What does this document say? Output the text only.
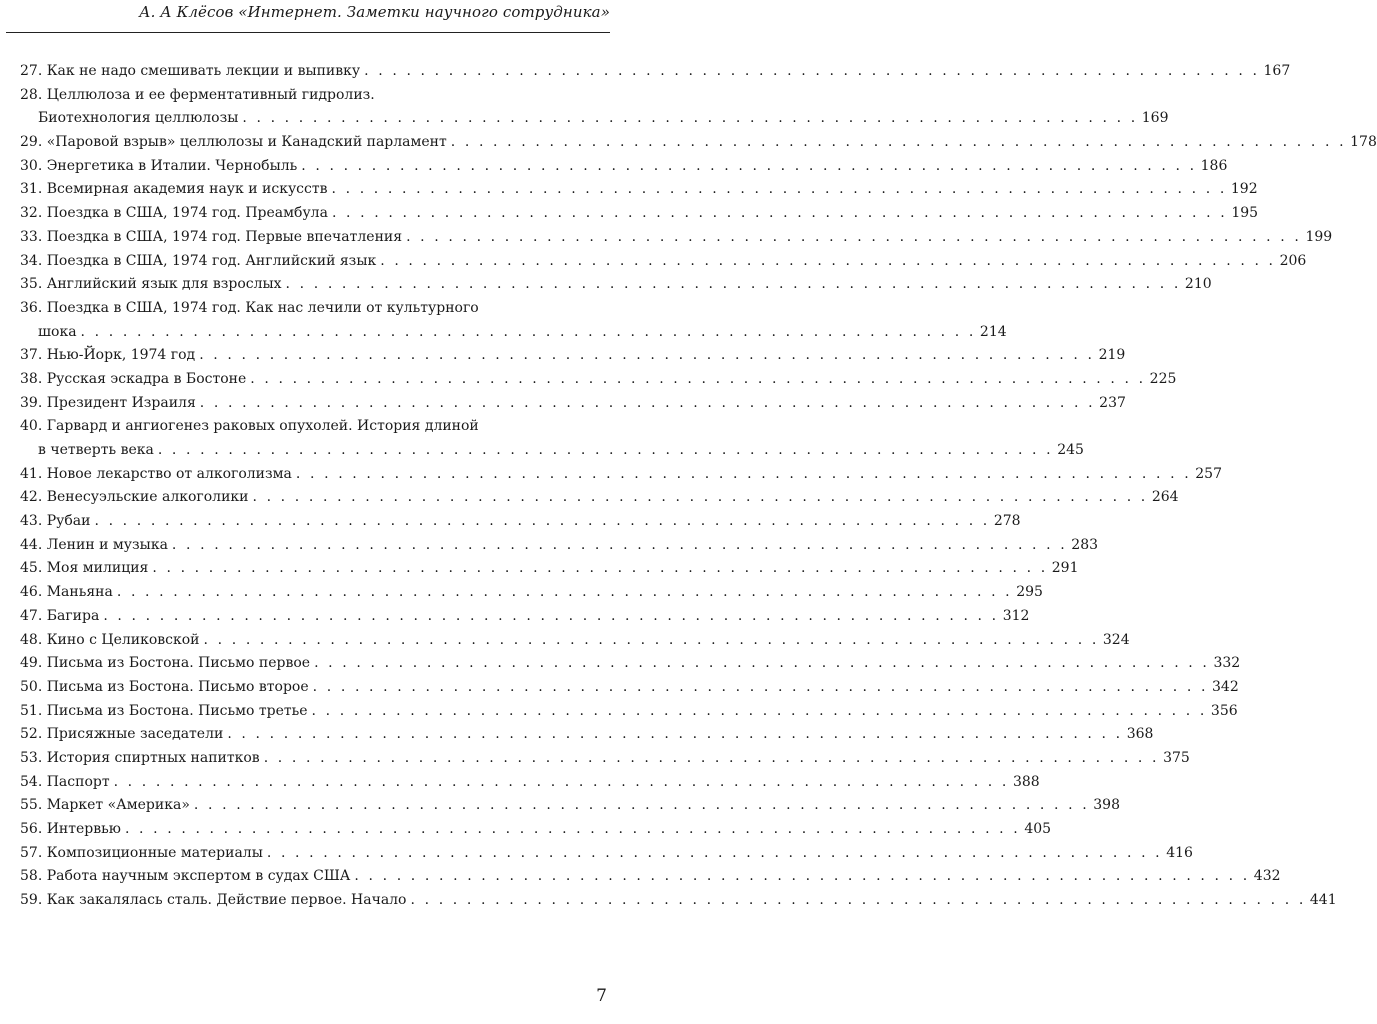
А. А Клёсов «Интернет. Заметки научного сотрудника»
27. Как не надо смешивать лекции и выпивку . . . . . . . . . . . . . . . . . . . . . . . . . . . . . . . . . . . . . . . . . . . . . . . . . . . . . . . . . . . . . . . . 167
28. Целлюлоза и ее ферментативный гидролиз.
Биотехнология целлюлозы . . . . . . . . . . . . . . . . . . . . . . . . . . . . . . . . . . . . . . . . . . . . . . . . . . . . . . . . . . . . . . . . 169
29. «Паровой взрыв» целлюлозы и Канадский парламент . . . . . . . . . . . . . . . . . . . . . . . . . . . . . . . . . . . . . . . . . . . . . . . . . . . . . . . . . . . . . . . . 178
30. Энергетика в Италии. Чернобыль . . . . . . . . . . . . . . . . . . . . . . . . . . . . . . . . . . . . . . . . . . . . . . . . . . . . . . . . . . . . . . . . 186
31. Всемирная академия наук и искусств . . . . . . . . . . . . . . . . . . . . . . . . . . . . . . . . . . . . . . . . . . . . . . . . . . . . . . . . . . . . . . . . 192
32. Поездка в США, 1974 год. Преамбула . . . . . . . . . . . . . . . . . . . . . . . . . . . . . . . . . . . . . . . . . . . . . . . . . . . . . . . . . . . . . . . . 195
33. Поездка в США, 1974 год. Первые впечатления . . . . . . . . . . . . . . . . . . . . . . . . . . . . . . . . . . . . . . . . . . . . . . . . . . . . . . . . . . . . . . . . 199
34. Поездка в США, 1974 год. Английский язык . . . . . . . . . . . . . . . . . . . . . . . . . . . . . . . . . . . . . . . . . . . . . . . . . . . . . . . . . . . . . . . . 206
35. Английский язык для взрослых . . . . . . . . . . . . . . . . . . . . . . . . . . . . . . . . . . . . . . . . . . . . . . . . . . . . . . . . . . . . . . . . 210
36. Поездка в США, 1974 год. Как нас лечили от культурного
шока . . . . . . . . . . . . . . . . . . . . . . . . . . . . . . . . . . . . . . . . . . . . . . . . . . . . . . . . . . . . . . . . 214
37. Нью-Йорк, 1974 год . . . . . . . . . . . . . . . . . . . . . . . . . . . . . . . . . . . . . . . . . . . . . . . . . . . . . . . . . . . . . . . . 219
38. Русская эскадра в Бостоне . . . . . . . . . . . . . . . . . . . . . . . . . . . . . . . . . . . . . . . . . . . . . . . . . . . . . . . . . . . . . . . . 225
39. Президент Израиля . . . . . . . . . . . . . . . . . . . . . . . . . . . . . . . . . . . . . . . . . . . . . . . . . . . . . . . . . . . . . . . . 237
40. Гарвард и ангиогенез раковых опухолей. История длиной
в четверть века . . . . . . . . . . . . . . . . . . . . . . . . . . . . . . . . . . . . . . . . . . . . . . . . . . . . . . . . . . . . . . . . 245
41. Новое лекарство от алкоголизма . . . . . . . . . . . . . . . . . . . . . . . . . . . . . . . . . . . . . . . . . . . . . . . . . . . . . . . . . . . . . . . . 257
42. Венесуэльские алкоголики . . . . . . . . . . . . . . . . . . . . . . . . . . . . . . . . . . . . . . . . . . . . . . . . . . . . . . . . . . . . . . . . 264
43. Рубаи . . . . . . . . . . . . . . . . . . . . . . . . . . . . . . . . . . . . . . . . . . . . . . . . . . . . . . . . . . . . . . . . 278
44. Ленин и музыка . . . . . . . . . . . . . . . . . . . . . . . . . . . . . . . . . . . . . . . . . . . . . . . . . . . . . . . . . . . . . . . . 283
45. Моя милиция . . . . . . . . . . . . . . . . . . . . . . . . . . . . . . . . . . . . . . . . . . . . . . . . . . . . . . . . . . . . . . . . 291
46. Маньяна . . . . . . . . . . . . . . . . . . . . . . . . . . . . . . . . . . . . . . . . . . . . . . . . . . . . . . . . . . . . . . . . 295
47. Багира . . . . . . . . . . . . . . . . . . . . . . . . . . . . . . . . . . . . . . . . . . . . . . . . . . . . . . . . . . . . . . . . 312
48. Кино с Целиковской . . . . . . . . . . . . . . . . . . . . . . . . . . . . . . . . . . . . . . . . . . . . . . . . . . . . . . . . . . . . . . . . 324
49. Письма из Бостона. Письмо первое . . . . . . . . . . . . . . . . . . . . . . . . . . . . . . . . . . . . . . . . . . . . . . . . . . . . . . . . . . . . . . . . 332
50. Письма из Бостона. Письмо второе . . . . . . . . . . . . . . . . . . . . . . . . . . . . . . . . . . . . . . . . . . . . . . . . . . . . . . . . . . . . . . . . 342
51. Письма из Бостона. Письмо третье . . . . . . . . . . . . . . . . . . . . . . . . . . . . . . . . . . . . . . . . . . . . . . . . . . . . . . . . . . . . . . . . 356
52. Присяжные заседатели . . . . . . . . . . . . . . . . . . . . . . . . . . . . . . . . . . . . . . . . . . . . . . . . . . . . . . . . . . . . . . . . 368
53. История спиртных напитков . . . . . . . . . . . . . . . . . . . . . . . . . . . . . . . . . . . . . . . . . . . . . . . . . . . . . . . . . . . . . . . . 375
54. Паспорт . . . . . . . . . . . . . . . . . . . . . . . . . . . . . . . . . . . . . . . . . . . . . . . . . . . . . . . . . . . . . . . . 388
55. Маркет «Америка» . . . . . . . . . . . . . . . . . . . . . . . . . . . . . . . . . . . . . . . . . . . . . . . . . . . . . . . . . . . . . . . . 398
56. Интервью . . . . . . . . . . . . . . . . . . . . . . . . . . . . . . . . . . . . . . . . . . . . . . . . . . . . . . . . . . . . . . . . 405
57. Композиционные материалы . . . . . . . . . . . . . . . . . . . . . . . . . . . . . . . . . . . . . . . . . . . . . . . . . . . . . . . . . . . . . . . . 416
58. Работа научным экспертом в судах США . . . . . . . . . . . . . . . . . . . . . . . . . . . . . . . . . . . . . . . . . . . . . . . . . . . . . . . . . . . . . . . . 432
59. Как закалялась сталь. Действие первое. Начало . . . . . . . . . . . . . . . . . . . . . . . . . . . . . . . . . . . . . . . . . . . . . . . . . . . . . . . . . . . . . . . . 441
7
